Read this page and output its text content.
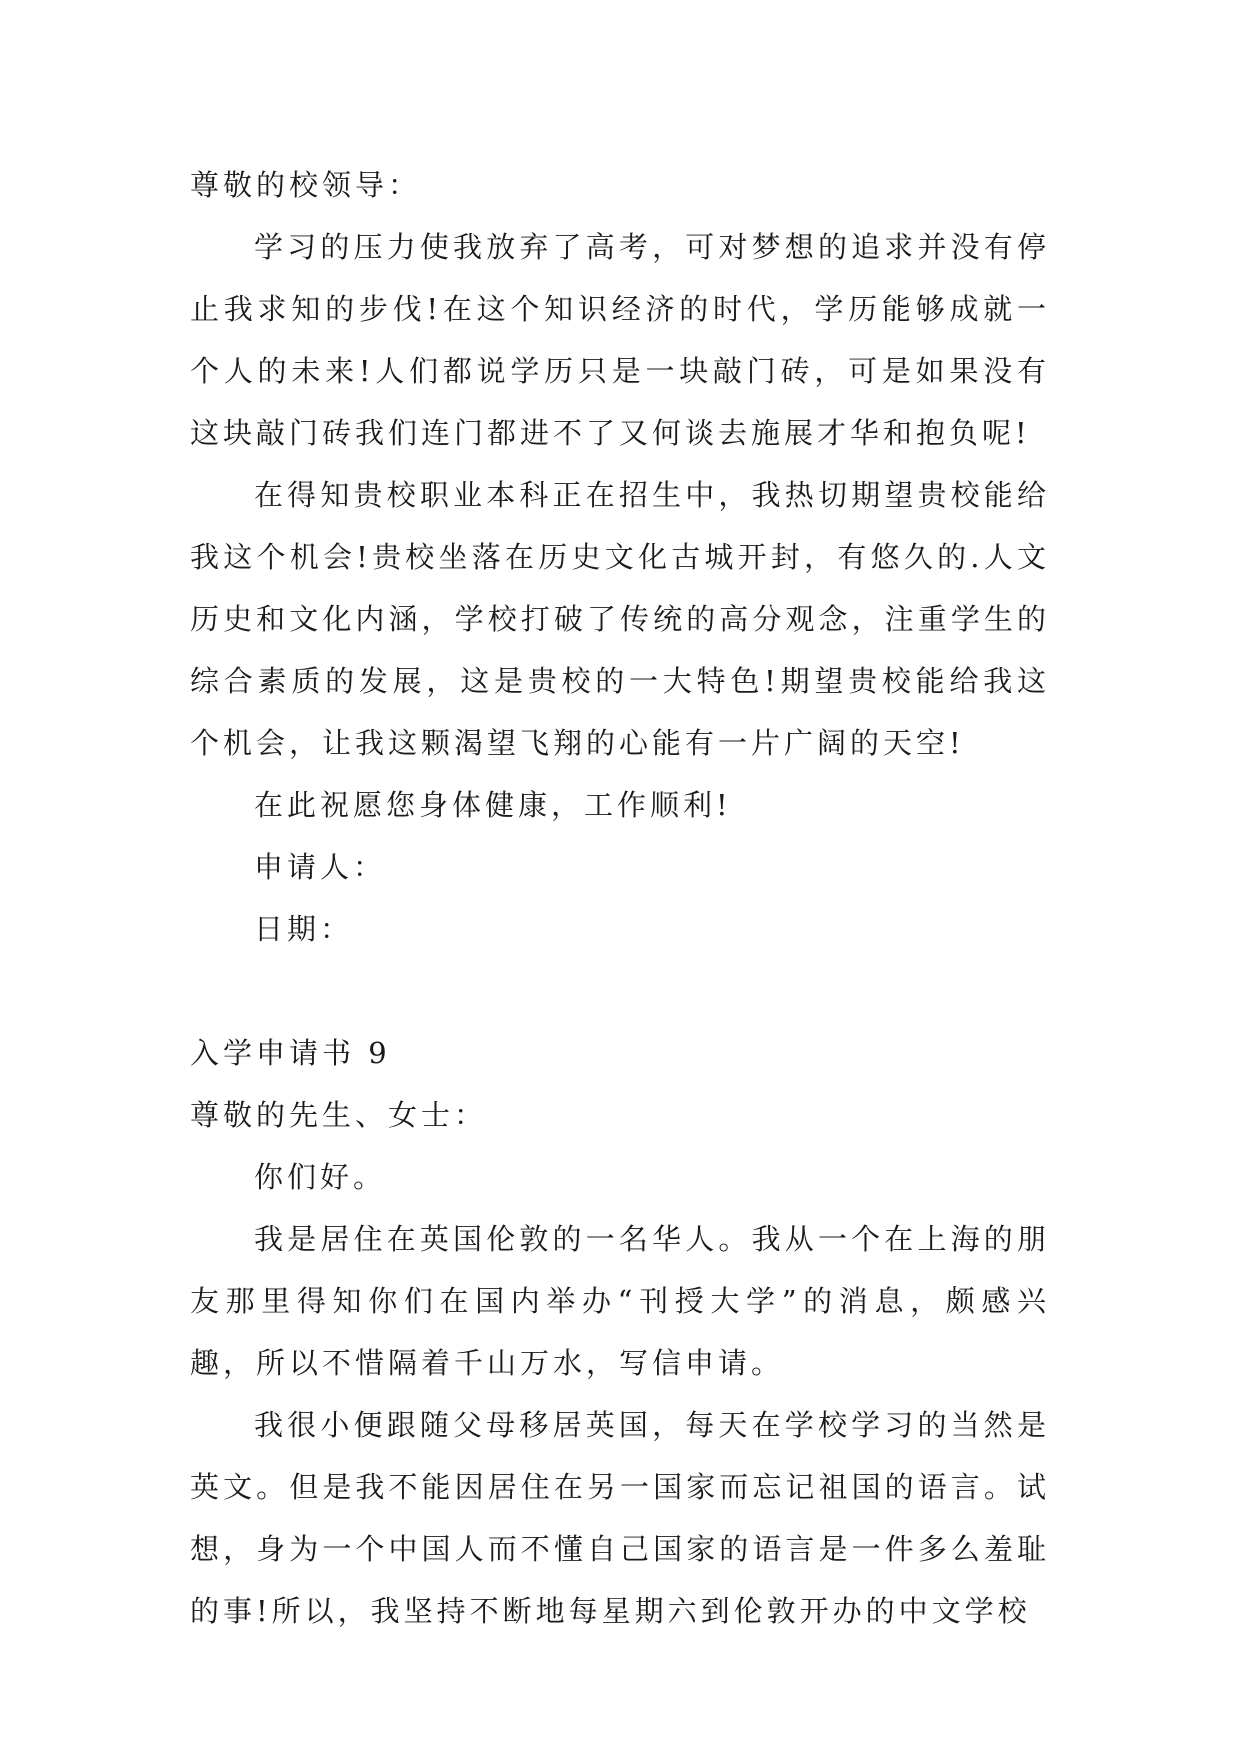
尊敬的校领导：

学习的压力使我放弃了高考，可对梦想的追求并没有停止我求知的步伐!在这个知识经济的时代，学历能够成就一个人的未来!人们都说学历只是一块敲门砖，可是如果没有这块敲门砖我们连门都进不了又何谈去施展才华和抱负呢!

在得知贵校职业本科正在招生中，我热切期望贵校能给我这个机会!贵校坐落在历史文化古城开封，有悠久的.人文历史和文化内涵，学校打破了传统的高分观念，注重学生的综合素质的发展，这是贵校的一大特色!期望贵校能给我这个机会，让我这颗渴望飞翔的心能有一片广阔的天空!

在此祝愿您身体健康，工作顺利!
申请人：
日期：
入学申请书 9
尊敬的先生、女士：
你们好。

我是居住在英国伦敦的一名华人。我从一个在上海的朋友那里得知你们在国内举办“刊授大学”的消息，颇感兴趣，所以不惜隔着千山万水，写信申请。

我很小便跟随父母移居英国，每天在学校学习的当然是英文。但是我不能因居住在另一国家而忘记祖国的语言。试想，身为一个中国人而不懂自己国家的语言是一件多么羞耻的事!所以，我坚持不断地每星期六到伦敦开办的中文学校
